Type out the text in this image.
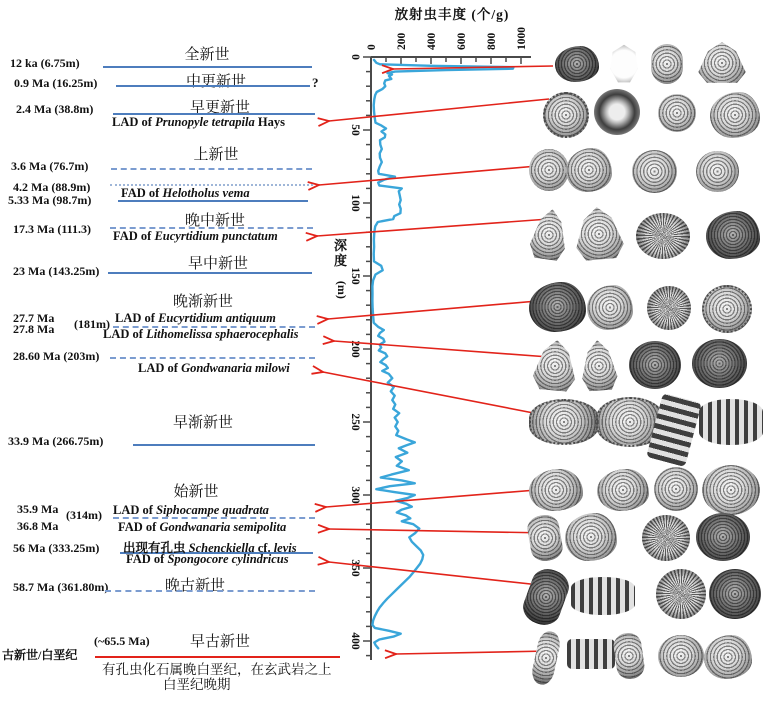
0 200 400 600 800 1000
0
50
100
150
200
250
300
350
400
放射虫丰度 (个/g)
深
度
(m)
全新世
中更新世
早更新世
上新世
晚中新世
早中新世
晚渐新世
早渐新世
始新世
晚古新世
早古新世
12 ka (6.75m)
0.9 Ma (16.25m)
2.4 Ma (38.8m)
3.6 Ma (76.7m)
4.2 Ma (88.9m)
5.33 Ma (98.7m)
17.3 Ma (111.3)
23 Ma (143.25m)
27.7 Ma (181m)
27.8 Ma
28.60 Ma (203m)
33.9 Ma (266.75m)
35.9 Ma (314m)
36.8 Ma
56 Ma (333.25m)
58.7 Ma (361.80m)
古新世/白垩纪
(~65.5 Ma)
LAD of Prunopyle tetrapila Hays
FAD of Helotholus vema
FAD of Eucyrtidium punctatum
LAD of Eucyrtidium antiquum
LAD of Lithomelissa sphaerocephalis
LAD of Gondwanaria milowi
LAD of Siphocampe quadrata
FAD of Gondwanaria semipolita
出现有孔虫 Schenckiella cf. levis
FAD of Spongocore cylindricus
有孔虫化石属晚白垩纪，在玄武岩之上
白垩纪晚期
?
